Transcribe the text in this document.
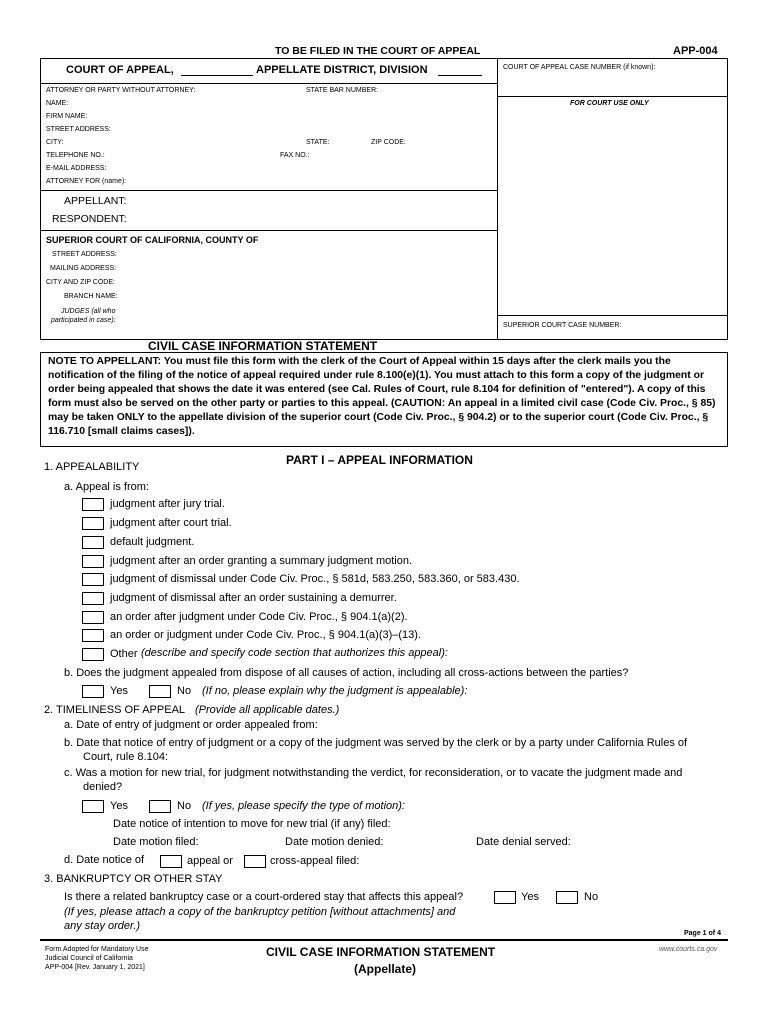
TO BE FILED IN THE COURT OF APPEAL	APP-004
COURT OF APPEAL,	APPELLATE DISTRICT, DIVISION	COURT OF APPEAL CASE NUMBER (if known):
FOR COURT USE ONLY
ATTORNEY OR PARTY WITHOUT ATTORNEY:	STATE BAR NUMBER:
NAME:
FIRM NAME:
STREET ADDRESS:
CITY:	STATE:	ZIP CODE:
TELEPHONE NO.:	FAX NO.:
E-MAIL ADDRESS:
ATTORNEY FOR (name):
APPELLANT:
RESPONDENT:
SUPERIOR COURT OF CALIFORNIA, COUNTY OF
STREET ADDRESS:
MAILING ADDRESS:
CITY AND ZIP CODE:
BRANCH NAME:
JUDGES (all who
participated in case):
SUPERIOR COURT CASE NUMBER:
CIVIL CASE INFORMATION STATEMENT
NOTE TO APPELLANT: You must file this form with the clerk of the Court of Appeal within 15 days after the clerk mails you the notification of the filing of the notice of appeal required under rule 8.100(e)(1). You must attach to this form a copy of the judgment or order being appealed that shows the date it was entered (see Cal. Rules of Court, rule 8.104 for definition of "entered"). A copy of this form must also be served on the other party or parties to this appeal. (CAUTION: An appeal in a limited civil case (Code Civ. Proc., § 85) may be taken ONLY to the appellate division of the superior court (Code Civ. Proc., § 904.2) or to the superior court (Code Civ. Proc., § 116.710 [small claims cases]).
PART I – APPEAL INFORMATION
1. APPEALABILITY
a. Appeal is from:
judgment after jury trial.
judgment after court trial.
default judgment.
judgment after an order granting a summary judgment motion.
judgment of dismissal under Code Civ. Proc., § 581d, 583.250, 583.360, or 583.430.
judgment of dismissal after an order sustaining a demurrer.
an order after judgment under Code Civ. Proc., § 904.1(a)(2).
an order or judgment under Code Civ. Proc., § 904.1(a)(3)–(13).
Other (describe and specify code section that authorizes this appeal):
b. Does the judgment appealed from dispose of all causes of action, including all cross-actions between the parties?
Yes	No (If no, please explain why the judgment is appealable):
2. TIMELINESS OF APPEAL (Provide all applicable dates.)
a. Date of entry of judgment or order appealed from:
b. Date that notice of entry of judgment or a copy of the judgment was served by the clerk or by a party under California Rules of
Court, rule 8.104:
c. Was a motion for new trial, for judgment notwithstanding the verdict, for reconsideration, or to vacate the judgment made and
denied?
Yes	No (If yes, please specify the type of motion):
Date notice of intention to move for new trial (if any) filed:
Date motion filed:	Date motion denied:	Date denial served:
d. Date notice of	appeal or	cross-appeal filed:
3. BANKRUPTCY OR OTHER STAY
Is there a related bankruptcy case or a court-ordered stay that affects this appeal?	Yes	No
(If yes, please attach a copy of the bankruptcy petition [without attachments] and
any stay order.)
Page 1 of 4
Form Adopted for Mandatory Use
Judicial Council of California
APP-004 [Rev. January 1, 2021]
CIVIL CASE INFORMATION STATEMENT
(Appellate)
www.courts.ca.gov
